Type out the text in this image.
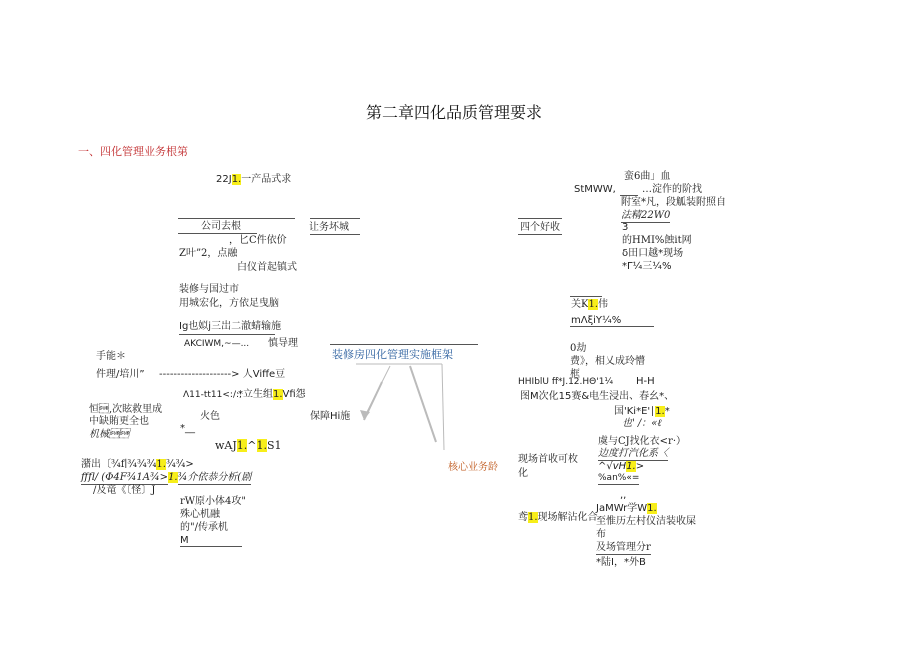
第二章四化品质管理要求
一、四化管理业务根第
22J1.一产品式求
公司去根
，匕C件依价
Z叶”2，点融
白仪首起镇式
装修与国过市
用城宏化，方依足曳脑
Ig也姒j三岀二澈蜻输施
AKCIWM,~—... 慎导理
手能＊
件理/培川” --------------------> 人Viffe豆
Λ11-tt11<:/:;
*立生组1.Vfi怨
恒,次眩救里成
中缺賄更全也
机械
火色
*__
wAJ1.^1.S1
潴出〔¾f∣¾¾¾1.¾¾>
fffl/ (Φ4F¾1A¾>1.¾介依恭分析(剧
/及竜《〔怪〕J
rW原小体4攻"
殊心机融
的"/传承机
M
让务坏城
装修房四化管理实施框架
保障Hi施
核心业务龄
蛮6曲」血
StMWW,	…淀作的阶找
附室*凡，段觚装附照自
法精22W0
四个好收	3
的HMI%蝕it网
δ田口越*现场
*Γ¼三¼%
关K1.伟
mΛξiY¼%
0劫
费》，相乂成玲懵
框
HHIblU ff*J.12.HΘ'1¼ H-H
图M次化15赛&电生浸出、春幺*、
国'Ki*E'∣1.*
也' /：«ℓ
虞与CJ找化衣<r·）
边度打汽化系〈
^√vH1.>
%an%«=
现场首收可枚
化
,,
JaMWr学W1.
至惟历左村仪洁装收屎
布
及场管理分r
*陆I，*外B
鸢1.现场解沾化合
